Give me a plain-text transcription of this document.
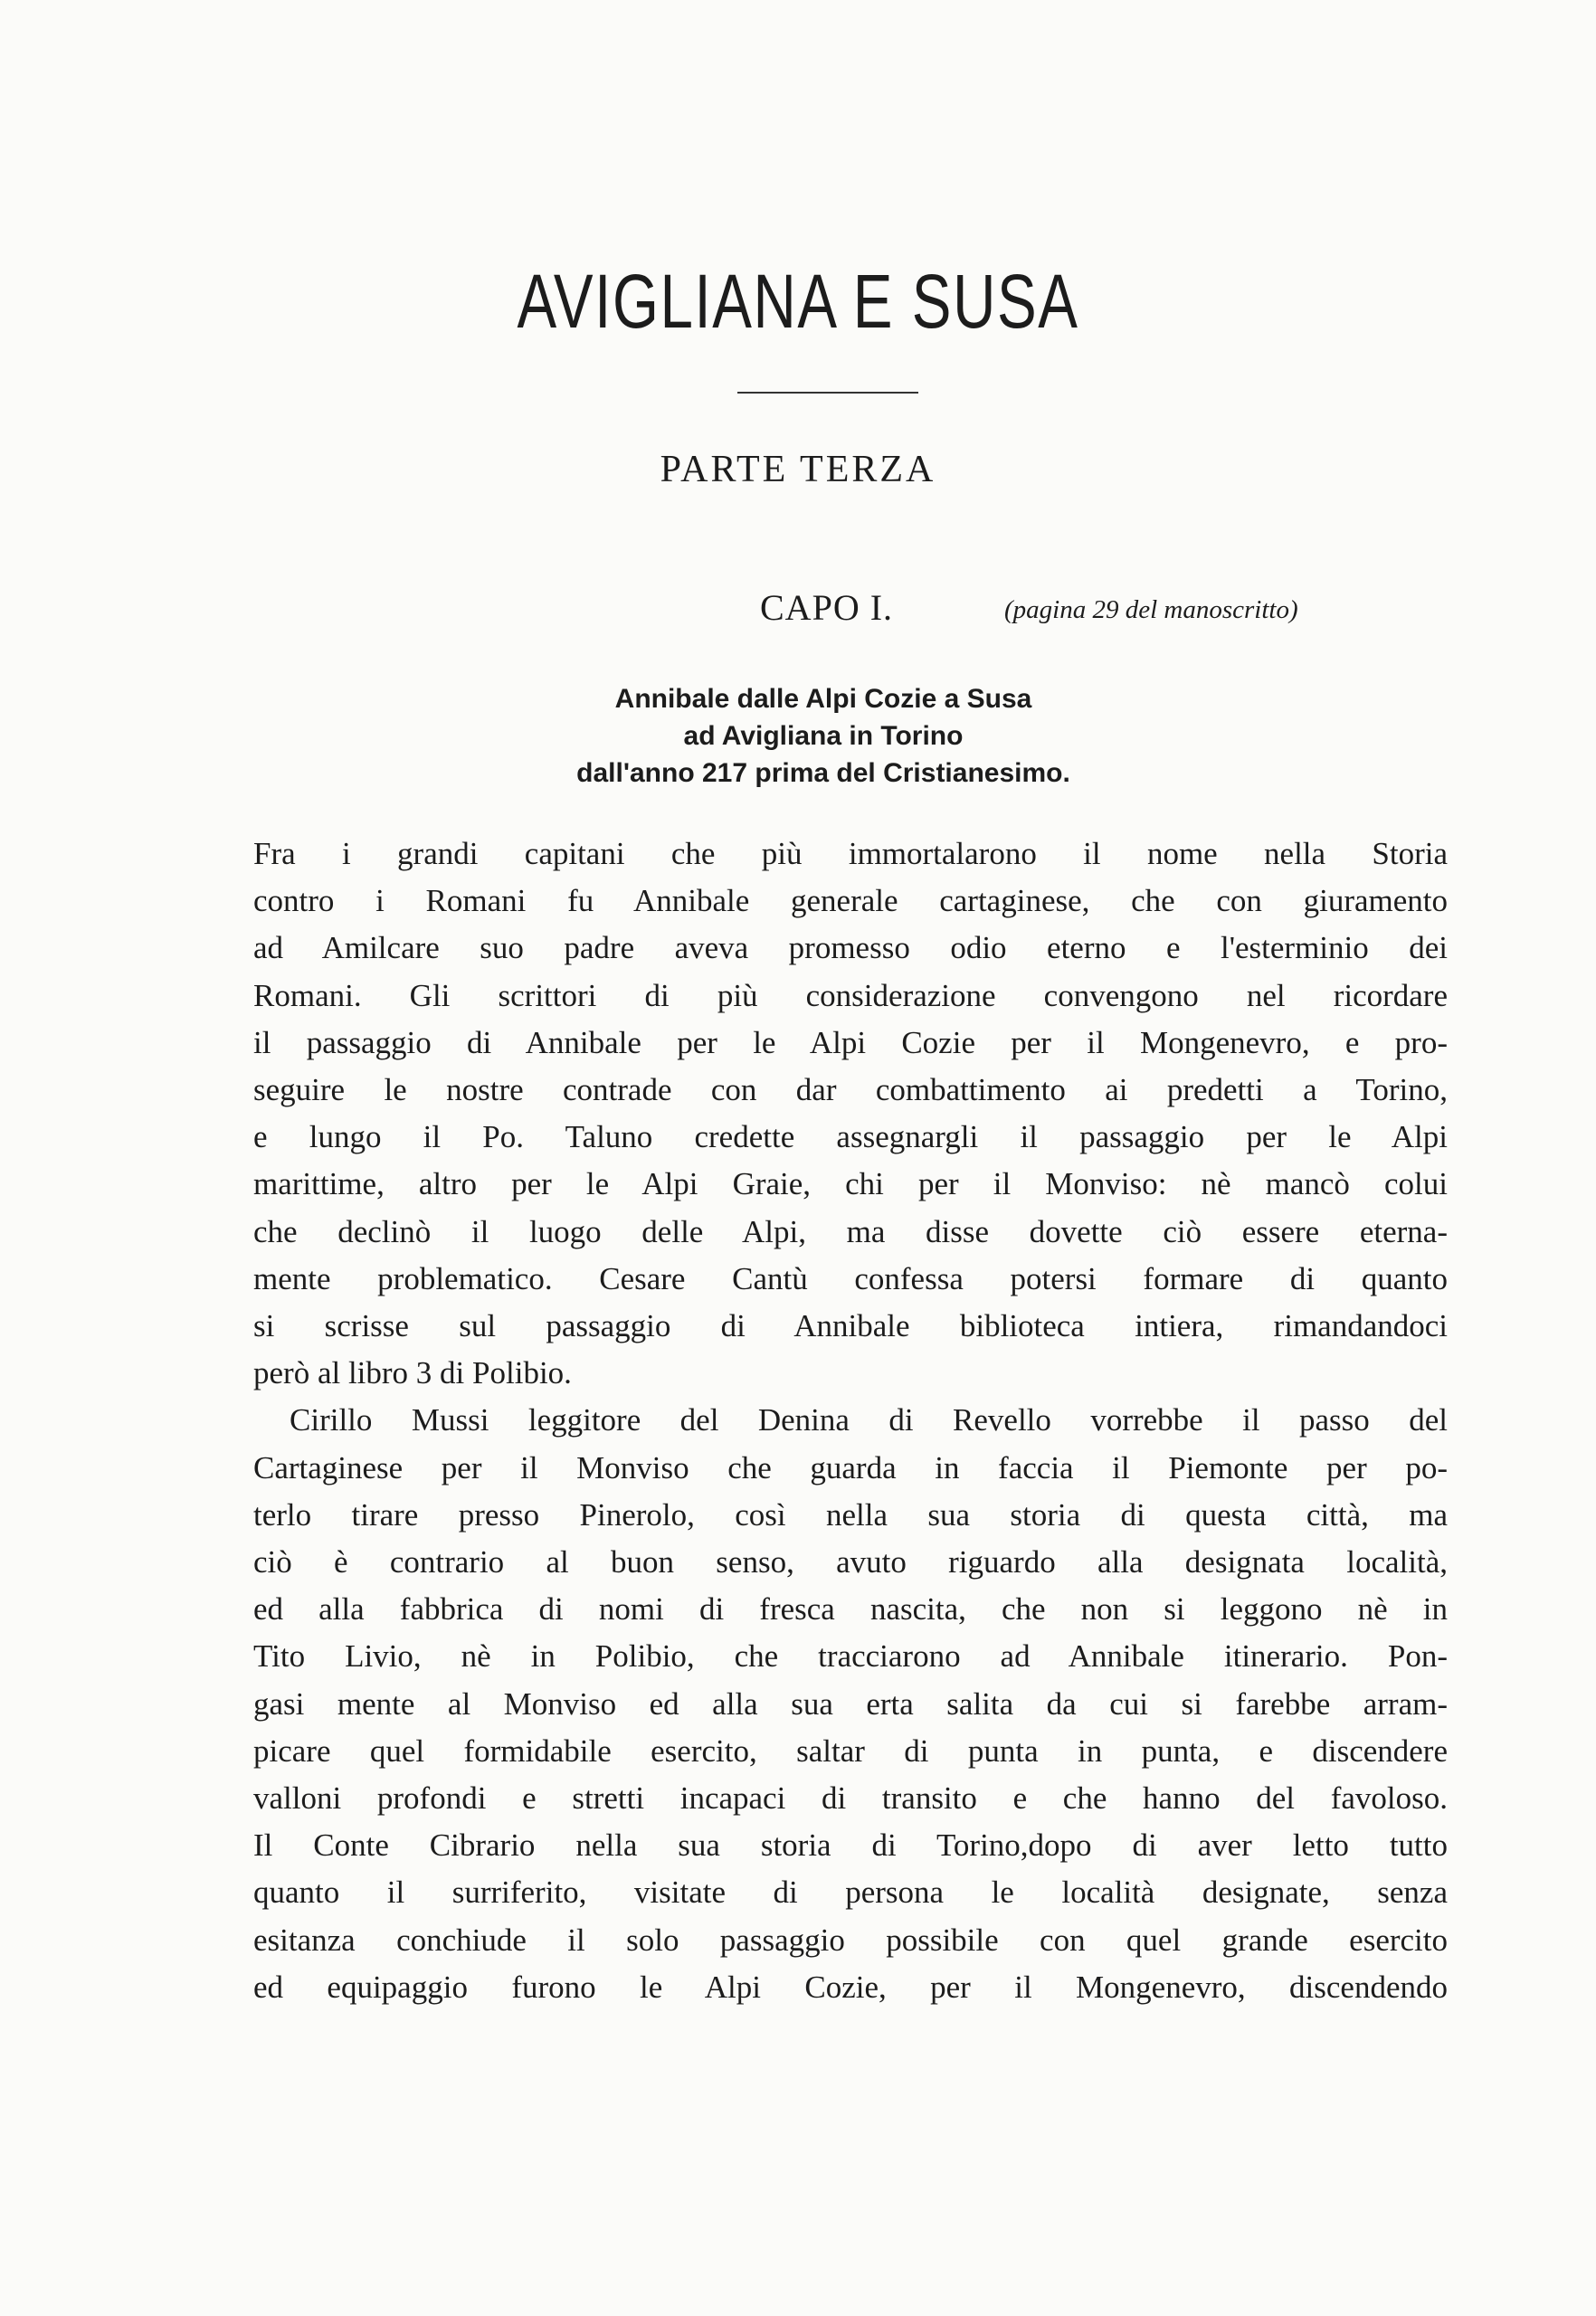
AVIGLIANA E SUSA
PARTE TERZA
CAPO I.	(pagina 29 del manoscritto)
Annibale dalle Alpi Cozie a Susa
ad Avigliana in Torino
dall'anno 217 prima del Cristianesimo.
Fra i grandi capitani che più immortalarono il nome nella Storia
contro i Romani fu Annibale generale cartaginese, che con giuramento
ad Amilcare suo padre aveva promesso odio eterno e l'esterminio dei
Romani. Gli scrittori di più considerazione convengono nel ricordare
il passaggio di Annibale per le Alpi Cozie per il Mongenevro, e pro-
seguire le nostre contrade con dar combattimento ai predetti a Torino,
e lungo il Po. Taluno credette assegnargli il passaggio per le Alpi
marittime, altro per le Alpi Graie, chi per il Monviso: nè mancò colui
che declinò il luogo delle Alpi, ma disse dovette ciò essere eterna-
mente problematico. Cesare Cantù confessa potersi formare di quanto
si scrisse sul passaggio di Annibale biblioteca intiera, rimandandoci
però al libro 3 di Polibio.
Cirillo Mussi leggitore del Denina di Revello vorrebbe il passo del
Cartaginese per il Monviso che guarda in faccia il Piemonte per po-
terlo tirare presso Pinerolo, così nella sua storia di questa città, ma
ciò è contrario al buon senso, avuto riguardo alla designata località,
ed alla fabbrica di nomi di fresca nascita, che non si leggono nè in
Tito Livio, nè in Polibio, che tracciarono ad Annibale itinerario. Pon-
gasi mente al Monviso ed alla sua erta salita da cui si farebbe arram-
picare quel formidabile esercito, saltar di punta in punta, e discendere
valloni profondi e stretti incapaci di transito e che hanno del favoloso.
Il Conte Cibrario nella sua storia di Torino,dopo di aver letto tutto
quanto il surriferito, visitate di persona le località designate, senza
esitanza conchiude il solo passaggio possibile con quel grande esercito
ed equipaggio furono le Alpi Cozie, per il Mongenevro, discendendo
